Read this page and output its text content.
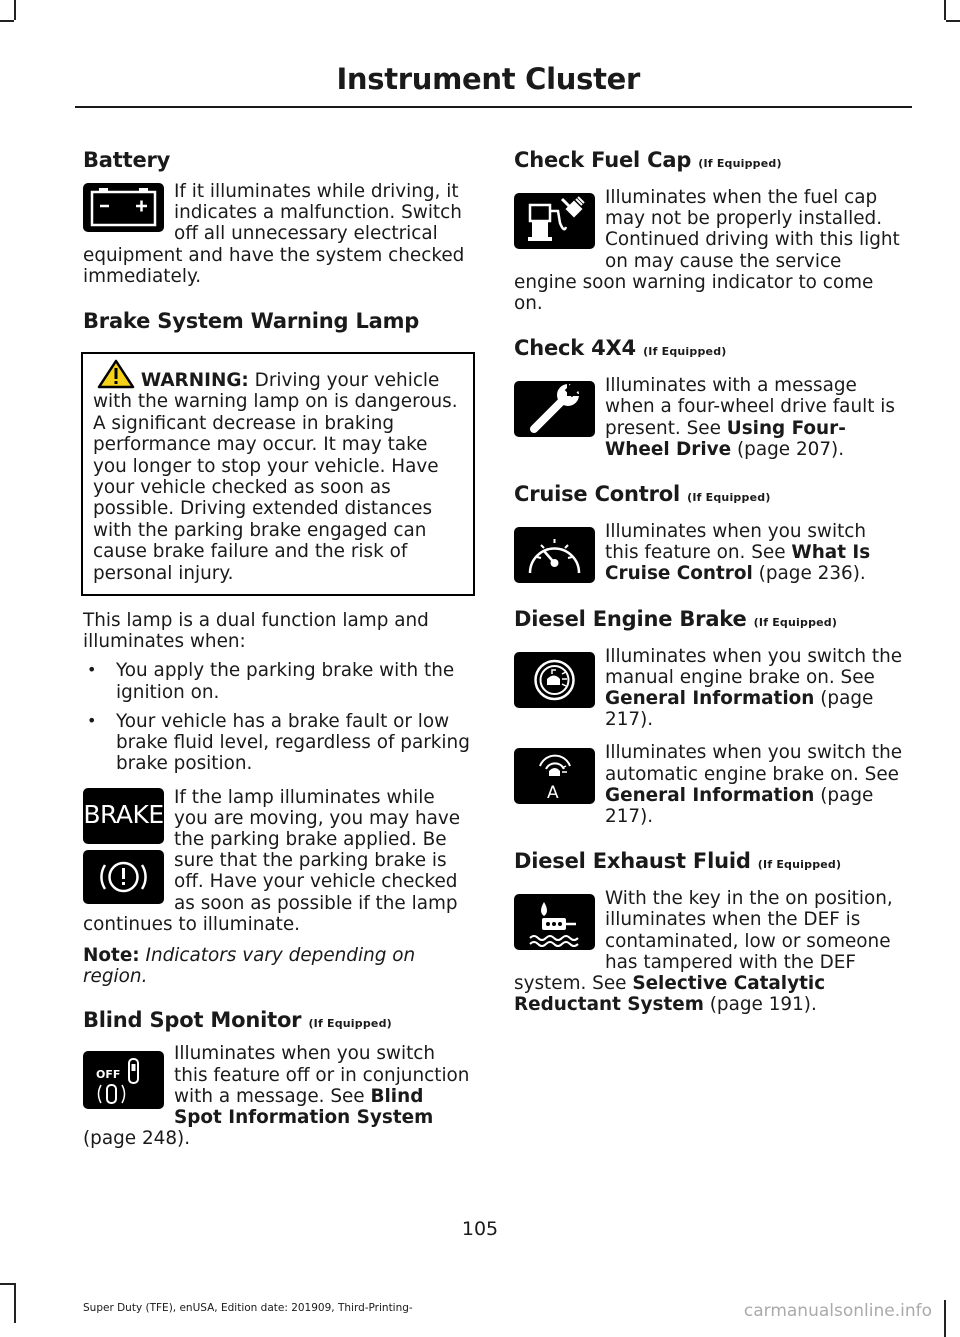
Instrument Cluster
Battery

If it illuminates while driving, it indicates a malfunction. Switch off all unnecessary electrical equipment and have the system checked immediately.

Brake System Warning Lamp

WARNING: Driving your vehicle with the warning lamp on is dangerous. A significant decrease in braking performance may occur. It may take you longer to stop your vehicle. Have your vehicle checked as soon as possible. Driving extended distances with the parking brake engaged can cause brake failure and the risk of personal injury.

This lamp is a dual function lamp and illuminates when:

• You apply the parking brake with the ignition on.

• Your vehicle has a brake fault or low brake fluid level, regardless of parking brake position.

BRAKE

If the lamp illuminates while you are moving, you may have the parking brake applied. Be sure that the parking brake is off. Have your vehicle checked as soon as possible if the lamp continues to illuminate.

Note: Indicators vary depending on region.

Blind Spot Monitor (If Equipped)
OFF

Illuminates when you switch this feature off or in conjunction with a message. See Blind Spot Information System (page 248).

Check Fuel Cap (If Equipped)

Illuminates when the fuel cap may not be properly installed. Continued driving with this light on may cause the service engine soon warning indicator to come on.

Check 4X4 (If Equipped)

Illuminates with a message when a four-wheel drive fault is present. See Using Four-Wheel Drive (page 207).

Cruise Control (If Equipped)

Illuminates when you switch this feature on. See What Is Cruise Control (page 236).

Diesel Engine Brake (If Equipped)

Illuminates when you switch the manual engine brake on. See General Information (page 217).

A

Illuminates when you switch the automatic engine brake on. See General Information (page 217).

Diesel Exhaust Fluid (If Equipped)

With the key in the on position, illuminates when the DEF is contaminated, low or someone has tampered with the DEF system. See Selective Catalytic Reductant System (page 191).

105
Super Duty (TFE), enUSA, Edition date: 201909, Third-Printing-	carmanualsonline.info
